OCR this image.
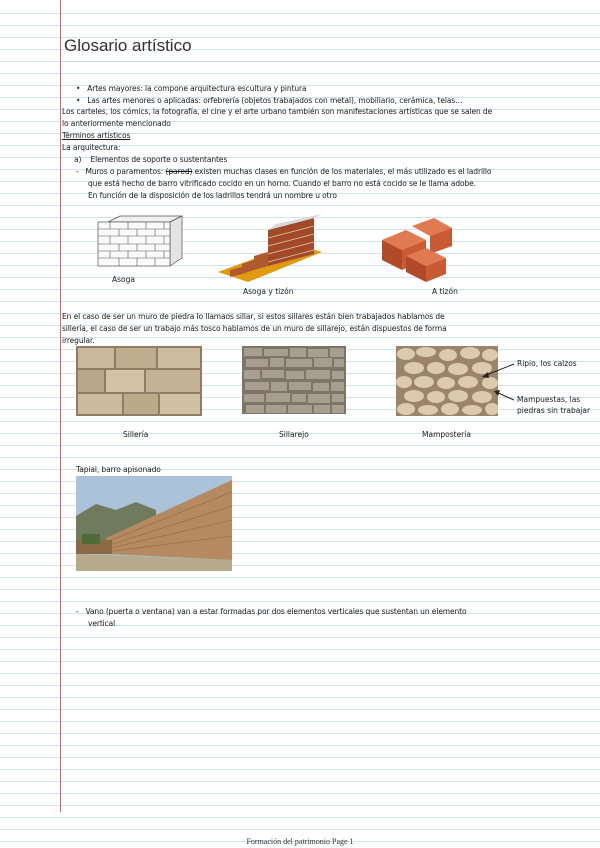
Glosario artístico
•   Artes mayores: la compone arquitectura escultura y pintura
•   Las artes menores o aplicadas: orfebrería (objetos trabajados con metal), mobiliario, cerámica, telas…
Los carteles, los cómics, la fotografía, el cine y el arte urbano también son manifestaciones artísticas que se salen de
lo anteriormente mencionado
Términos artísticos
La arquitectura:
a) Elementos de soporte o sustentantes
- Muros o paramentos: (pared) existen muchas clases en función de los materiales, el más utilizado es el ladrillo
que está hecho de barro vitrificado cocido en un horno. Cuando el barro no está cocido se le llama adobe.
En función de la disposición de los ladrillos tendrá un nombre u otro
Asoga
Asoga y tizón	A tizón
En el caso de ser un muro de piedra lo llamaos sillar, si estos sillares están bien trabajados hablamos de
sillería, el caso de ser un trabajo más tosco hablamos de un muro de sillarejo, están dispuestos de forma
irregular.
Sillería	Sillarejo	Mampostería
Ripio, los calzos
Mampuestas, las piedras sin trabajar
Tapial, barro apisonado
- Vano (puerta o ventana) van a estar formadas por dos elementos verticales que sustentan un elemento
vertical
Formación del patrimonio Page 1
